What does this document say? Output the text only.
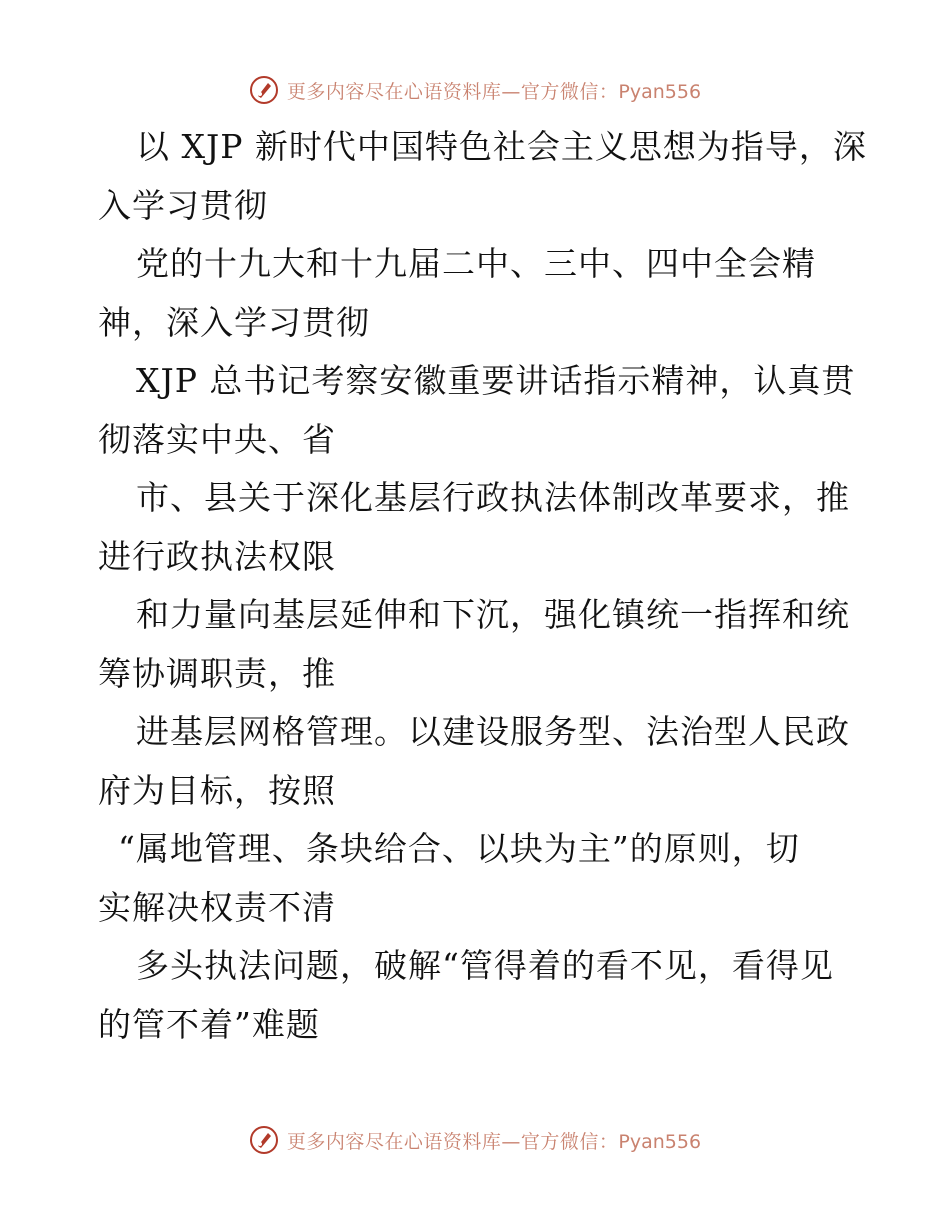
更多内容尽在心语资料库—官方微信：Pyan556
以 XJP 新时代中国特色社会主义思想为指导，深
入学习贯彻
党的十九大和十九届二中、三中、四中全会精
神，深入学习贯彻
XJP 总书记考察安徽重要讲话指示精神，认真贯
彻落实中央、省
市、县关于深化基层行政执法体制改革要求，推
进行政执法权限
和力量向基层延伸和下沉，强化镇统一指挥和统
筹协调职责，推
进基层网格管理。以建设服务型、法治型人民政
府为目标，按照
“属地管理、条块给合、以块为主”的原则，切
实解决权责不清
多头执法问题，破解“管得着的看不见，看得见
的管不着”难题
更多内容尽在心语资料库—官方微信：Pyan556
